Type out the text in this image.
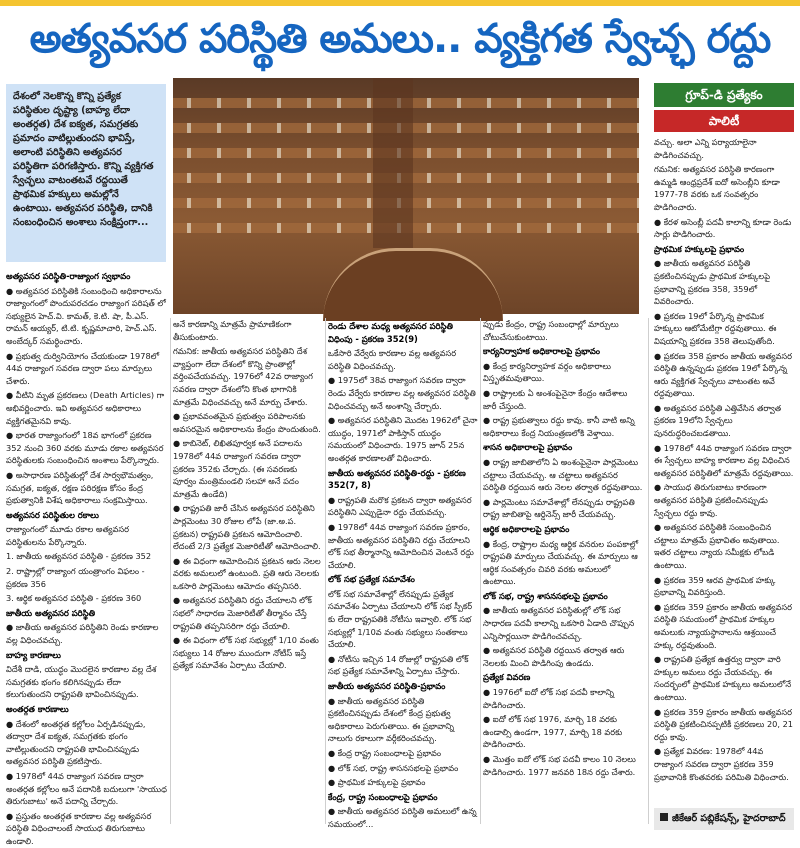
అత్యవసర పరిస్థితి అమలు.. వ్యక్తిగత స్వేచ్ఛ రద్దు
దేశంలో నెలకొన్న కొన్ని ప్రత్యేక పరిస్థితుల దృష్ట్యా (బాహ్య లేదా అంతర్గత) దేశ ఐక్యత, సమగ్రతకు ప్రమాదం వాటిల్లుతుందని భావిస్తే, అలాంటి పరిస్థితిని అత్యవసర పరిస్థితిగా పరిగణిస్తారు. కొన్ని వ్యక్తిగత స్వేచ్ఛలు వాటంతటవే రద్దయితే ప్రాథమిక హక్కులు అమల్లోనే ఉంటాయి. అత్యవసర పరిస్థితి, దానికి సంబంధించిన అంశాలు సంక్షిప్తంగా...
గ్రూప్-డి ప్రత్యేకం
పాలిటీ

అత్యవసర పరిస్థితి-రాజ్యాంగ స్వభావం

● అత్యవసర పరిస్థితికి సంబంధించి అధికారాలను రాజ్యాంగంలో పొందుపరచడం రాజ్యాంగ పరిషత్ లో సభ్యులైన హెచ్.వి. కామత్, కె.టి. షా, పీ.ఎస్. రామన్ ఆయ్యర్, టి.టి. కృష్ణమాచారి, హెచ్.ఎస్. అంబేద్కర్ సమర్థించారు.

● ప్రభుత్వ దుర్వినియోగం చేయకుండా 1978లో 44వ రాజ్యాంగ సవరణ ద్వారా పలు మార్పులు చేశారు.

● వీటిని మృత ప్రకరణలు (Death Articles) గా అభివర్ణించారు. ఇవి అత్యవసర అధికారాలు వ్యక్తిగతమైనవి కావు.

● భారత రాజ్యాంగంలో 18వ భాగంలో ప్రకరణ 352 నుంచి 360 వరకు మూడు రకాల అత్యవసర పరిస్థితులకు సంబంధించిన అంశాలు పేర్కొన్నారు.

● అసాధారణ పరిస్థితుల్లో దేశ సార్వభౌమత్వం, సమగ్రత, ఐక్యత, రక్షణ పరిరక్షణ కోసం కేంద్ర ప్రభుత్వానికి విశేష అధికారాలు సంక్రమిస్తాయి.

అత్యవసర పరిస్థితుల రకాలు

రాజ్యాంగంలో మూడు రకాల అత్యవసర పరిస్థితులను పేర్కొన్నారు.

1. జాతీయ అత్యవసర పరిస్థితి - ప్రకరణ 352

2. రాష్ట్రాల్లో రాజ్యాంగ యంత్రాంగం విఫలం - ప్రకరణ 356

3. ఆర్థిక అత్యవసర పరిస్థితి - ప్రకరణ 360

జాతీయ అత్యవసర పరిస్థితి

● జాతీయ అత్యవసర పరిస్థితిని రెండు కారణాల వల్ల విధించవచ్చు.

బాహ్య కారణాలు

విదేశీ దాడి, యుద్ధం మొదలైన కారణాల వల్ల దేశ సమగ్రతకు భంగం కలిగినప్పుడు లేదా కలుగుతుందని రాష్ట్రపతి భావించినప్పుడు.

అంతర్గత కారణాలు

● దేశంలో అంతర్గత కల్లోలం ఏర్పడినప్పుడు, తద్వారా దేశ ఐక్యత, సమగ్రతకు భంగం వాటిల్లుతుందని రాష్ట్రపతి భావించినప్పుడు అత్యవసర పరిస్థితి ప్రకటిస్తారు.

● 1978లో 44వ రాజ్యాంగ సవరణ ద్వారా అంతర్గత కల్లోలం అనే పదానికి బదులుగా 'సాయుధ తిరుగుబాటు' అనే పదాన్ని చేర్చారు.

● ప్రస్తుతం అంతర్గత కారణాల వల్ల అత్యవసర పరిస్థితి విధించాలంటే సాయుధ తిరుగుబాటు ఉండాలి.

అనే కారణాన్ని మాత్రమే ప్రామాణికంగా తీసుకుంటారు.

గమనిక: జాతీయ అత్యవసర పరిస్థితిని దేశ వ్యాప్తంగా లేదా దేశంలో కొన్ని ప్రాంతాల్లో వర్తింపచేయవచ్చు. 1976లో 42వ రాజ్యాంగ సవరణ ద్వారా దేశంలోని కొంత భాగానికి మాత్రమే విధించవచ్చు అనే మార్పు చేశారు.

● ప్రభావవంతమైన ప్రభుత్వం పరిపాలనకు అవసరమైన అధికారాలను కేంద్రం పొందుతుంది.

● కాబినెట్, లిఖితపూర్వక అనే పదాలను 1978లో 44వ రాజ్యాంగ సవరణ ద్వారా ప్రకరణ 352కు చేర్చారు. (ఈ సవరణకు పూర్వం మంత్రిమండలి సలహా అనే పదం మాత్రమే ఉండేది)

● రాష్ట్రపతి జారీ చేసిన అత్యవసర పరిస్థితిని పార్లమెంటు 30 రోజుల లోపే (జా.అ.ప. ప్రకటన) రాష్ట్రపతి ప్రకటన ఆమోదించాలి. లేదంటే 2/3 ప్రత్యేక మెజారిటీతో ఆమోదించాలి.

● ఈ విధంగా ఆమోదించిన ప్రకటన ఆరు నెలల వరకు అమలులో ఉంటుంది. ప్రతి ఆరు నెలలకు ఒకసారి పార్లమెంటు ఆమోదం తప్పనిసరి.

● అత్యవసర పరిస్థితిని రద్దు చేయాలని లోక్ సభలో సాధారణ మెజారిటీతో తీర్మానం చేస్తే రాష్ట్రపతి తప్పనిసరిగా రద్దు చేయాలి.

● ఈ విధంగా లోక్ సభ సభ్యుల్లో 1/10 వంతు సభ్యులు 14 రోజుల ముందుగా నోటీస్ ఇస్తే ప్రత్యేక సమావేశం ఏర్పాటు చేయాలి.

రెండు దేశాల మధ్య అత్యవసర పరిస్థితి విధింపు - ప్రకరణ 352(9)

ఒకేసారి వేర్వేరు కారణాల వల్ల అత్యవసర పరిస్థితి విధించవచ్చు.

● 1975లో 38వ రాజ్యాంగ సవరణ ద్వారా రెండు వేర్వేరు కారణాల వల్ల అత్యవసర పరిస్థితి విధించవచ్చు అనే అంశాన్ని చేర్చారు.

● అత్యవసర పరిస్థితిని మొదట 1962లో చైనా యుద్ధం, 1971లో పాకిస్తాన్ యుద్ధం సమయంలో విధించారు. 1975 జూన్ 25న అంతర్గత కారణాలతో విధించారు.

జాతీయ అత్యవసర పరిస్థితి-రద్దు - ప్రకరణ 352(7, 8)

● రాష్ట్రపతి మరొక ప్రకటన ద్వారా అత్యవసర పరిస్థితిని ఎప్పుడైనా రద్దు చేయవచ్చు.

● 1978లో 44వ రాజ్యాంగ సవరణ ప్రకారం, జాతీయ అత్యవసర పరిస్థితిని రద్దు చేయాలని లోక్ సభ తీర్మానాన్ని ఆమోదించిన వెంటనే రద్దు చేయాలి.

లోక్ సభ ప్రత్యేక సమావేశం

లోక్ సభ సమావేశాల్లో లేనప్పుడు ప్రత్యేక సమావేశం ఏర్పాటు చేయాలని లోక్ సభ స్పీకర్ కు లేదా రాష్ట్రపతికి నోటీసు ఇవ్వాలి. లోక్ సభ సభ్యుల్లో 1/10వ వంతు సభ్యులు సంతకాలు చేయాలి.

● నోటీసు ఇచ్చిన 14 రోజుల్లో రాష్ట్రపతి లోక్ సభ ప్రత్యేక సమావేశాన్ని ఏర్పాటు చేస్తారు.

జాతీయ అత్యవసర పరిస్థితి-ప్రభావం

● జాతీయ అత్యవసర పరిస్థితి ప్రకటించినప్పుడు దేశంలో కేంద్ర ప్రభుత్వ అధికారాలు పెరుగుతాయి. ఈ ప్రభావాన్ని నాలుగు రకాలుగా వర్గీకరించవచ్చు.

● కేంద్ర రాష్ట్ర సంబంధాలపై ప్రభావం

● లోక్ సభ, రాష్ట్ర శాసనసభలపై ప్రభావం

● ప్రాథమిక హక్కులపై ప్రభావం

కేంద్ర, రాష్ట్ర సంబంధాలపై ప్రభావం

● జాతీయ అత్యవసర పరిస్థితి అమలులో ఉన్న సమయంలో...

ప్పుడు కేంద్రం, రాష్ట్ర సంబంధాల్లో మార్పులు చోటుచేసుకుంటాయి.

కార్యనిర్వాహక అధికారాలపై ప్రభావం

● కేంద్ర కార్యనిర్వాహక వర్గం అధికారాలు విస్తృతమవుతాయి.

● రాష్ట్రాలకు ఏ అంశంపైనైనా కేంద్రం ఆదేశాలు జారీ చేస్తుంది.

● రాష్ట్ర ప్రభుత్వాలు రద్దు కావు. కానీ వాటి అన్ని అధికారాలు కేంద్ర నియంత్రణలోకి వెళ్తాయి.

శాసన అధికారాలపై ప్రభావం

● రాష్ట్ర జాబితాలోని ఏ అంశంపైనైనా పార్లమెంటు చట్టాలు చేయవచ్చు. ఆ చట్టాలు అత్యవసర పరిస్థితి రద్దయిన ఆరు నెలల తర్వాత రద్దవుతాయి.

● పార్లమెంటు సమావేశాల్లో లేనప్పుడు రాష్ట్రపతి రాష్ట్ర జాబితాపై ఆర్డినెన్స్ జారీ చేయవచ్చు.

ఆర్థిక అధికారాలపై ప్రభావం

● కేంద్ర, రాష్ట్రాల మధ్య ఆర్థిక వనరుల పంపకాల్లో రాష్ట్రపతి మార్పులు చేయవచ్చు. ఈ మార్పులు ఆ ఆర్థిక సంవత్సరం చివరి వరకు అమలులో ఉంటాయి.

లోక్ సభ, రాష్ట్ర శాసనసభలపై ప్రభావం

● జాతీయ అత్యవసర పరిస్థితుల్లో లోక్ సభ సాధారణ పదవీ కాలాన్ని ఒకసారి ఏడాది చొప్పున ఎన్నిసార్లయినా పొడిగించవచ్చు.

● అత్యవసర పరిస్థితి రద్దయిన తర్వాత ఆరు నెలలకు మించి పొడిగింపు ఉండదు.

ప్రత్యేక వివరణ

● 1976లో ఐదో లోక్ సభ పదవీ కాలాన్ని పొడిగించారు.

● ఐదో లోక్ సభ 1976, మార్చి 18 వరకు ఉండాల్సి ఉండగా, 1977, మార్చి 18 వరకు పొడిగించారు.

● మొత్తం ఐదో లోక్ సభ పదవీ కాలం 10 నెలలు పొడిగించారు. 1977 జనవరి 18న రద్దు చేశారు.

వచ్చు. అలా ఎన్ని పర్యాయాలైనా పొడిగించవచ్చు.

గమనిక: అత్యవసర పరిస్థితి కారణంగా ఉమ్మడి ఆంధ్రప్రదేశ్ ఐదో అసెంబ్లీని కూడా 1977-78 వరకు ఒక సంవత్సరం పొడిగించారు.

● కేరళ అసెంబ్లీ పదవీ కాలాన్ని కూడా రెండు సార్లు పొడిగించారు.

ప్రాథమిక హక్కులపై ప్రభావం

● జాతీయ అత్యవసర పరిస్థితి ప్రకటించినప్పుడు ప్రాథమిక హక్కులపై ప్రభావాన్ని ప్రకరణ 358, 359లో వివరించారు.

● ప్రకరణ 19లో పేర్కొన్న ప్రాథమిక హక్కులు ఆటోమేటిగ్గా రద్దవుతాయి. ఈ విషయాన్ని ప్రకరణ 358 తెలుపుతోంది.

● ప్రకరణ 358 ప్రకారం జాతీయ అత్యవసర పరిస్థితి ఉన్నప్పుడు ప్రకరణ 19లో పేర్కొన్న ఆరు వ్యక్తిగత స్వేచ్ఛలు వాటంతట అవే రద్దవుతాయి.

● అత్యవసర పరిస్థితి ఎత్తివేసిన తర్వాత ప్రకరణ 19లోని స్వేచ్ఛలు పునరుద్ధరించబడతాయి.

● 1978లో 44వ రాజ్యాంగ సవరణ ద్వారా ఈ స్వేచ్ఛలు బాహ్య కారణాల వల్ల విధించిన అత్యవసర పరిస్థితిలో మాత్రమే రద్దవుతాయి.

● సాయుధ తిరుగుబాటు కారణంగా అత్యవసర పరిస్థితి ప్రకటించినప్పుడు స్వేచ్ఛలు రద్దు కావు.

● అత్యవసర పరిస్థితికి సంబంధించిన చట్టాలు మాత్రమే ప్రభావితం అవుతాయి. ఇతర చట్టాలు న్యాయ సమీక్షకు లోబడి ఉంటాయి.

● ప్రకరణ 359 ఆరవ ప్రాథమిక హక్కు ప్రభావాన్ని వివరిస్తుంది.

● ప్రకరణ 359 ప్రకారం జాతీయ అత్యవసర పరిస్థితి సమయంలో ప్రాథమిక హక్కుల అమలుకు న్యాయస్థానాలను ఆశ్రయించే హక్కు రద్దవుతుంది.

● రాష్ట్రపతి ప్రత్యేక ఉత్తర్వు ద్వారా వారి హక్కుల అమలు రద్దు చేయవచ్చు. ఈ సందర్భంలో ప్రాథమిక హక్కులు అమలులోనే ఉంటాయి.

● ప్రకరణ 359 ప్రకారం జాతీయ అత్యవసర పరిస్థితి ప్రకటించినప్పటికీ ప్రకరణలు 20, 21 రద్దు కావు.

● ప్రత్యేక వివరణ: 1978లో 44వ రాజ్యాంగ సవరణ ద్వారా ప్రకరణ 359 ప్రభావానికి కొంతవరకు పరిమితి విధించారు.

జీకేఆర్ పబ్లికేషన్స్, హైదరాబాద్
